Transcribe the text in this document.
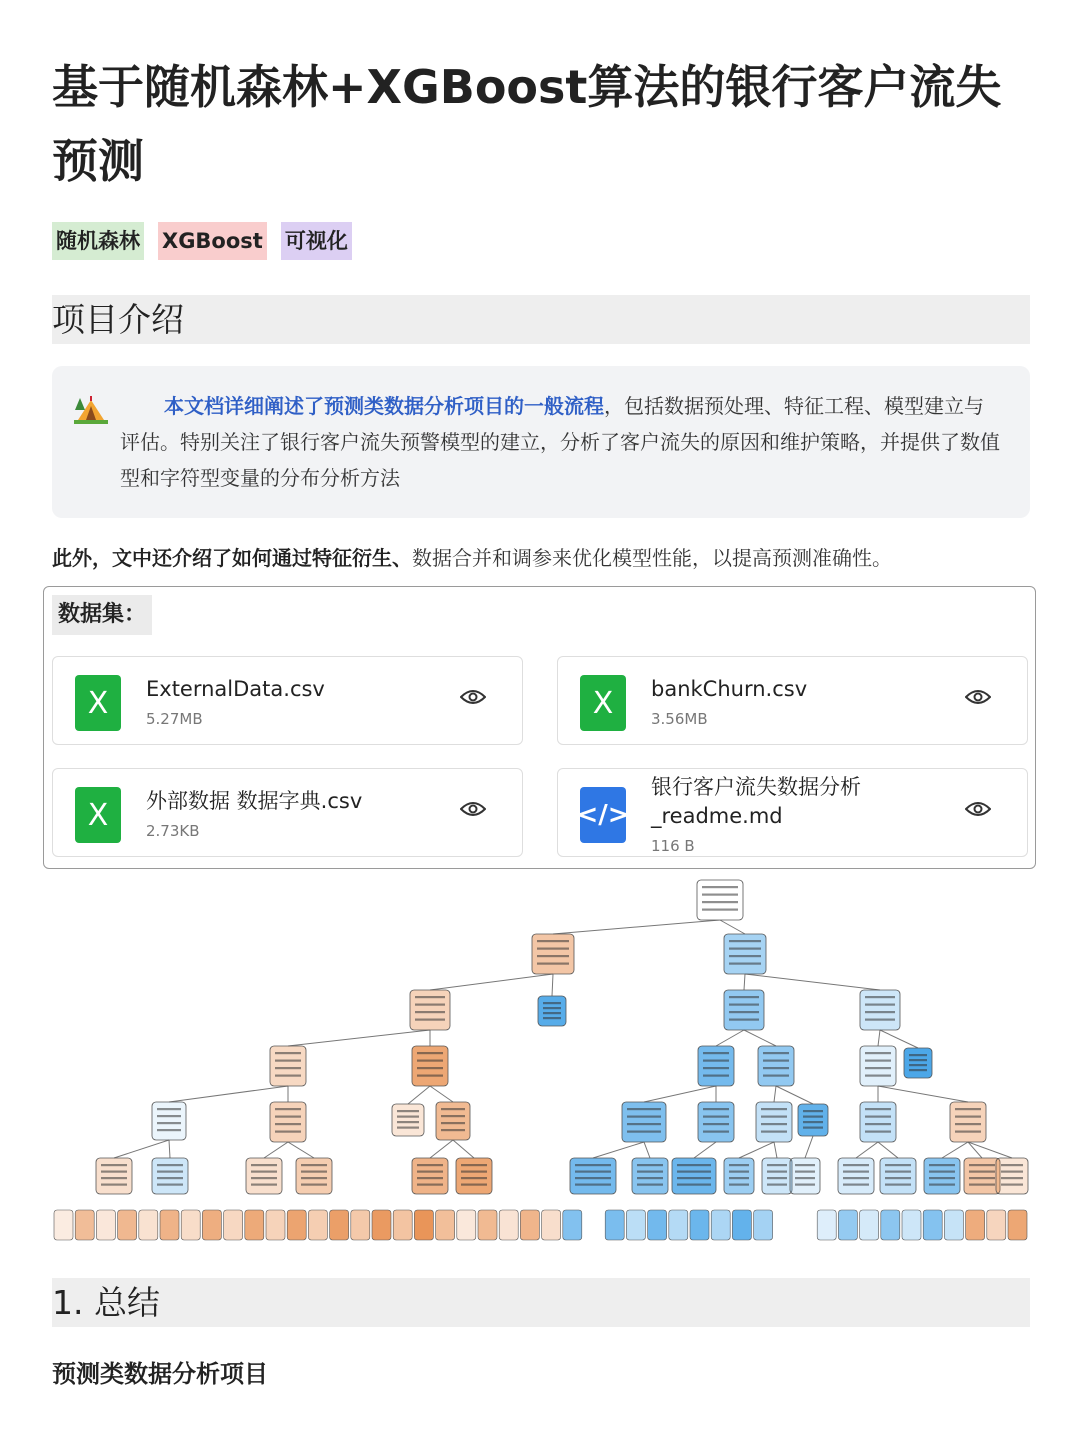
基于随机森林+XGBoost算法的银行客户流失预测
随机森林 XGBoost 可视化
项目介绍

本文档详细阐述了预测类数据分析项目的一般流程，包括数据预处理、特征工程、模型建立与评估。特别关注了银行客户流失预警模型的建立，分析了客户流失的原因和维护策略，并提供了数值型和字符型变量的分布分析方法

此外，文中还介绍了如何通过特征衍生、数据合并和调参来优化模型性能，以提高预测准确性。

数据集：
X	ExternalData.csv
5.27MB	X	bankChurn.csv
3.56MB
X	外部数据 数据字典.csv
2.73KB
</>
银行客户流失数据分析
_readme.md
116 B
1. 总结
预测类数据分析项目
